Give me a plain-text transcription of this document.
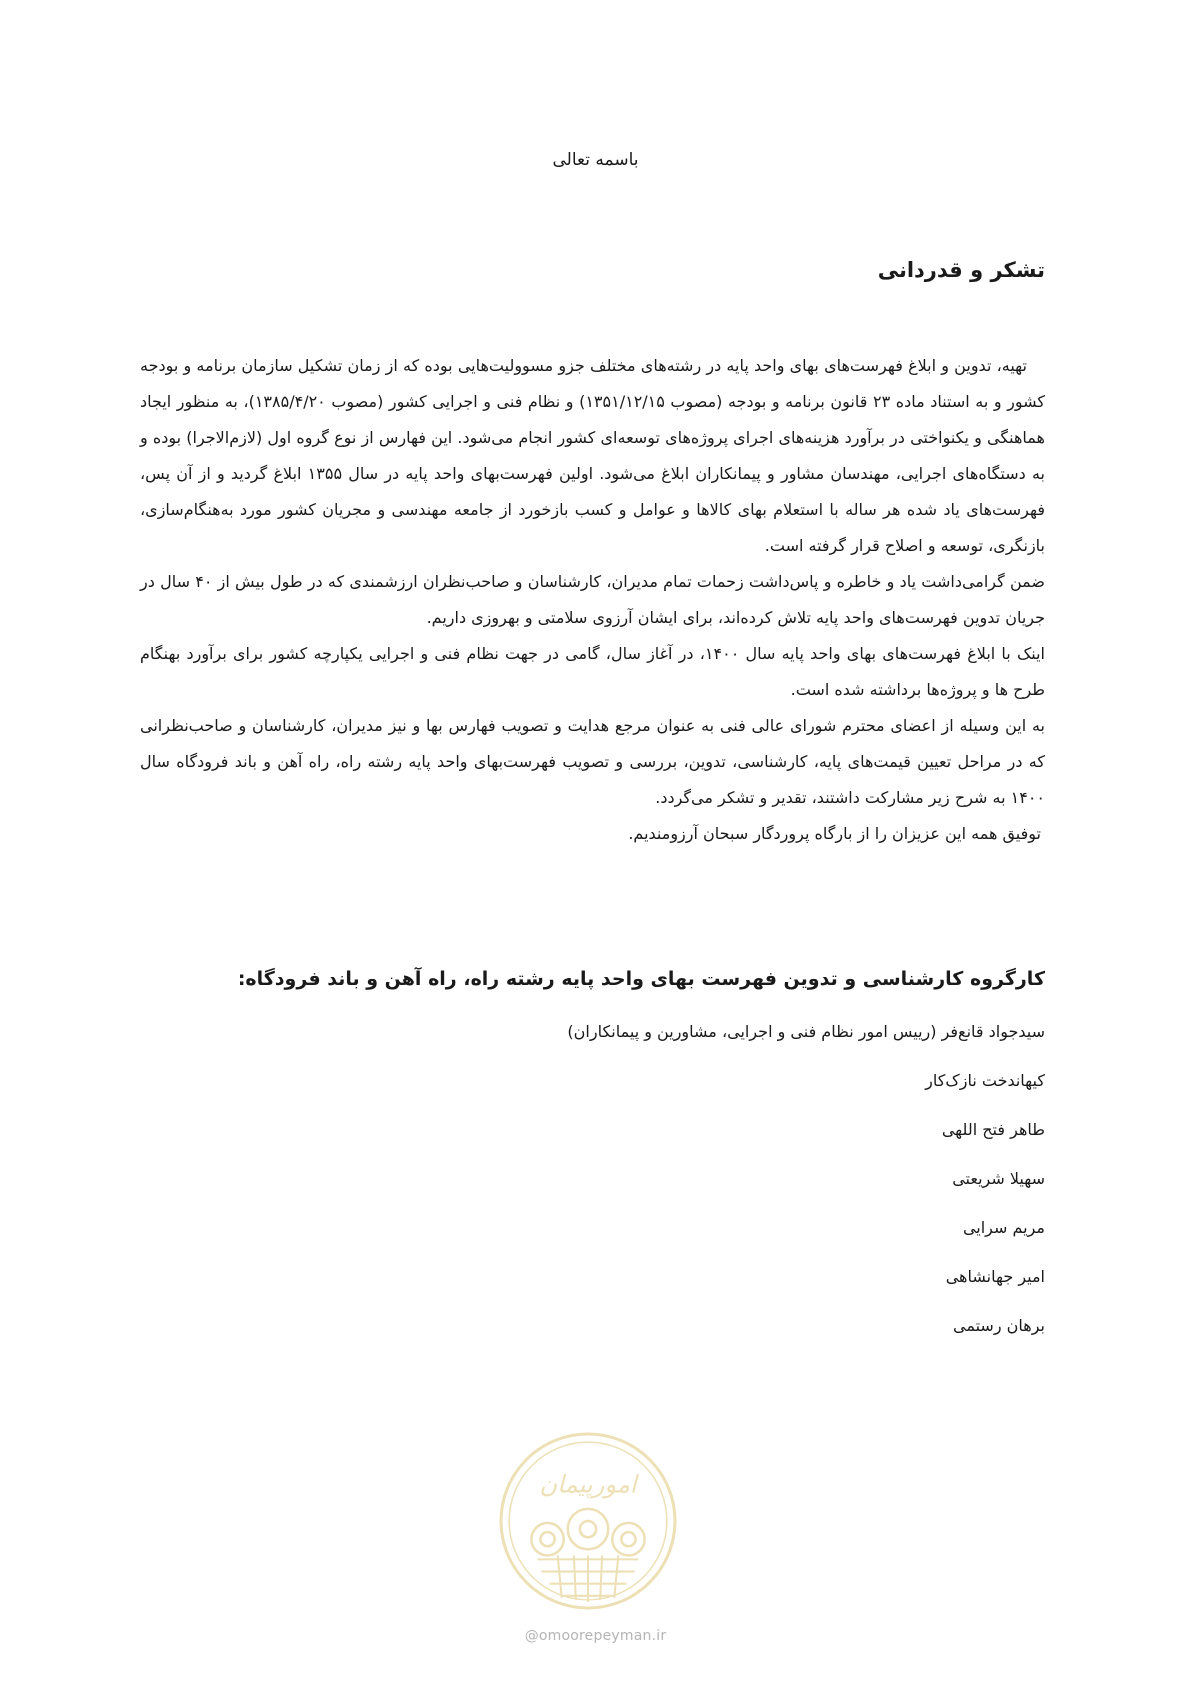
باسمه تعالی
تشکر و قدردانی

تهیه، تدوین و ابلاغ فهرست‌های بهای واحد پایه در رشته‌های مختلف جزو مسوولیت‌هایی بوده که از زمان تشکیل سازمان برنامه و بودجه کشور و به استناد ماده ۲۳ قانون برنامه و بودجه (مصوب ۱۳۵۱/۱۲/۱۵) و نظام فنی و اجرایی کشور (مصوب ۱۳۸۵/۴/۲۰)، به منظور ایجاد هماهنگی و یکنواختی در برآورد هزینه‌های اجرای پروژه‌های توسعه‌ای کشور انجام می‌شود. این فهارس از نوع گروه اول (لازم‌الاجرا) بوده و به دستگاه‌های اجرایی، مهندسان مشاور و پیمانکاران ابلاغ می‌شود. اولین فهرست‌بهای واحد پایه در سال ۱۳۵۵ ابلاغ گردید و از آن پس، فهرست‌های یاد شده هر ساله با استعلام بهای کالاها و عوامل و کسب بازخورد از جامعه مهندسی و مجریان کشور مورد به‌هنگام‌سازی، بازنگری، توسعه و اصلاح قرار گرفته است.

ضمن گرامی‌داشت یاد و خاطره و پاس‌داشت زحمات تمام مدیران، کارشناسان و صاحب‌نظران ارزشمندی که در طول بیش از ۴۰ سال در جریان تدوین فهرست‌های واحد پایه تلاش کرده‌اند، برای ایشان آرزوی سلامتی و بهروزی داریم.

اینک با ابلاغ فهرست‌های بهای واحد پایه سال ۱۴۰۰، در آغاز سال، گامی در جهت نظام فنی و اجرایی یکپارچه کشور برای برآورد بهنگام طرح ها و پروژه‌ها برداشته شده است.

به این وسیله از اعضای محترم شورای عالی فنی به عنوان مرجع هدایت و تصویب فهارس بها و نیز مدیران، کارشناسان و صاحب‌نظرانی که در مراحل تعیین قیمت‌های پایه، کارشناسی، تدوین، بررسی و تصویب فهرست‌بهای واحد پایه رشته راه، راه آهن و باند فرودگاه سال ۱۴۰۰ به شرح زیر مشارکت داشتند، تقدیر و تشکر می‌گردد.

توفیق همه این عزیزان را از بارگاه پروردگار سبحان آرزومندیم.

کارگروه کارشناسی و تدوین فهرست بهای واحد پایه رشته راه، راه آهن و باند فرودگاه:
سیدجواد قانع‌فر (رییس امور نظام فنی و اجرایی، مشاورین و پیمانکاران)
کیهاندخت نازک‌کار
طاهر فتح اللهی
سهیلا شریعتی
مریم سرایی
امیر جهانشاهی
برهان رستمی
امورپیمان
@omoorepeyman.ir
